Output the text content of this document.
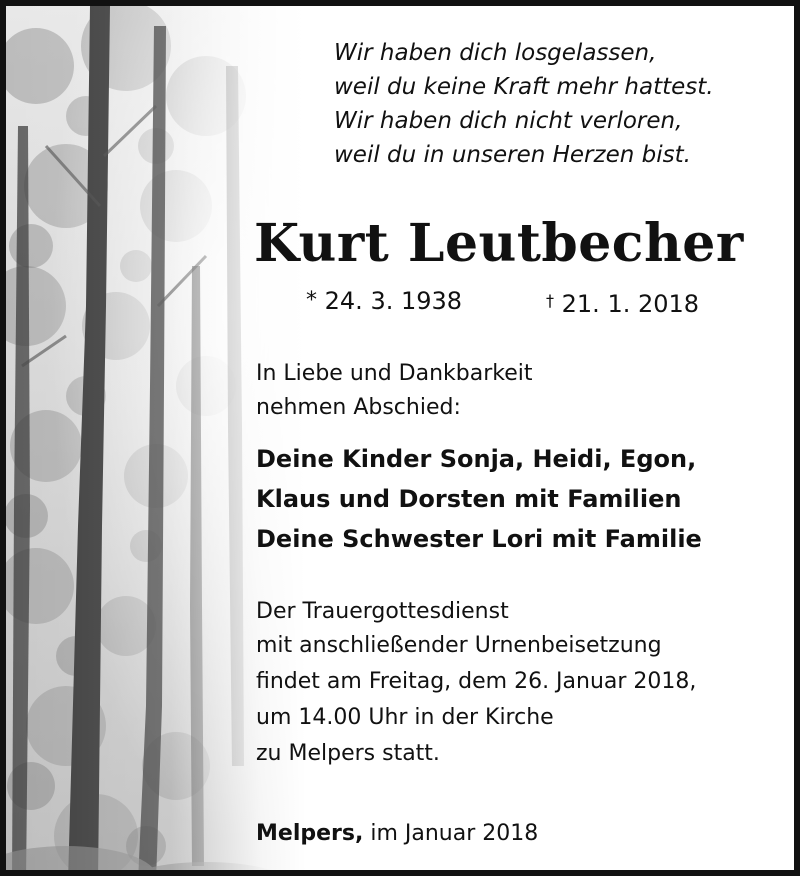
Wir haben dich losgelassen,
weil du keine Kraft mehr hattest.
Wir haben dich nicht verloren,
weil du in unseren Herzen bist.
Kurt Leutbecher
* 24. 3. 1938	† 21. 1. 2018
In Liebe und Dankbarkeit
nehmen Abschied:
Deine Kinder Sonja, Heidi, Egon,
Klaus und Dorsten mit Familien
Deine Schwester Lori mit Familie
Der Trauergottesdienst
mit anschließender Urnenbeisetzung
findet am Freitag, dem 26. Januar 2018,
um 14.00 Uhr in der Kirche
zu Melpers statt.
Melpers, im Januar 2018
